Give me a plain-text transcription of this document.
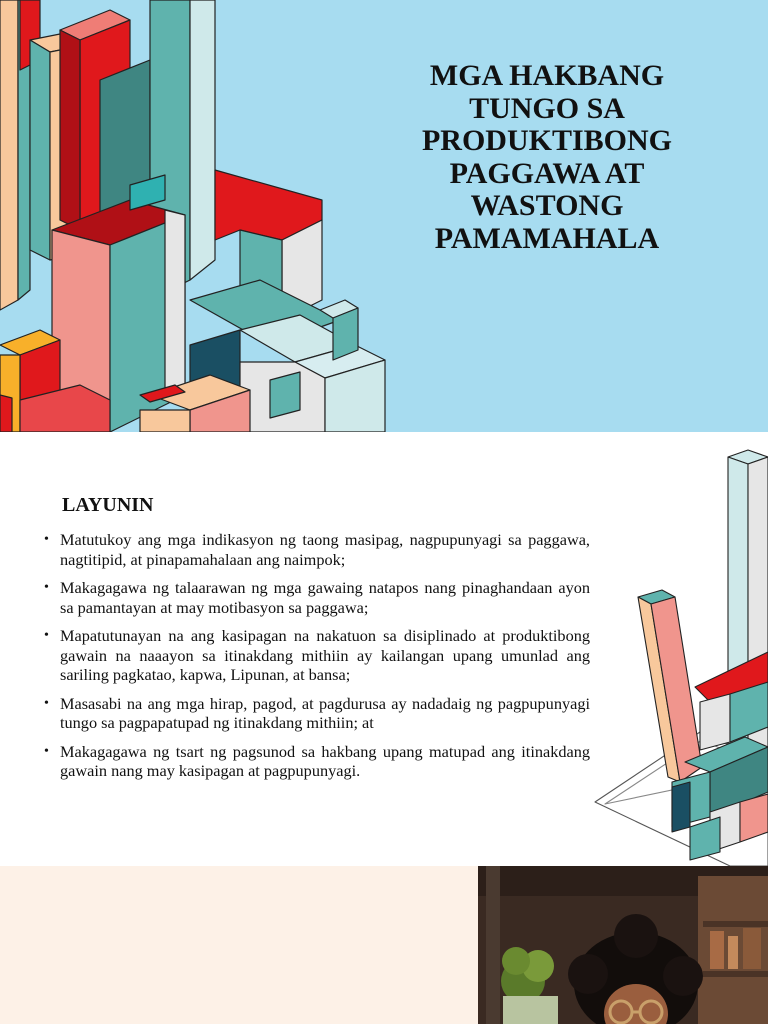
MGA HAKBANG
TUNGO SA
PRODUKTIBONG
PAGGAWA AT
WASTONG
PAMAMAHALA
LAYUNIN
• Matutukoy ang mga indikasyon ng taong masipag, nagpupunyagi sa paggawa, nagtitipid, at pinapamahalaan ang naimpok;
• Makagagawa ng talaarawan ng mga gawaing natapos nang pinaghandaan ayon sa pamantayan at may motibasyon sa paggawa;
• Mapatutunayan na ang kasipagan na nakatuon sa disiplinado at produktibong gawain na naaayon sa itinakdang mithiin ay kailangan upang umunlad ang sariling pagkatao, kapwa, Lipunan, at bansa;
• Masasabi na ang mga hirap, pagod, at pagdurusa ay nadadaig ng pagpupunyagi tungo sa pagpapatupad ng itinakdang mithiin; at
• Makagagawa ng tsart ng pagsunod sa hakbang upang matupad ang itinakdang gawain nang may kasipagan at pagpupunyagi.
